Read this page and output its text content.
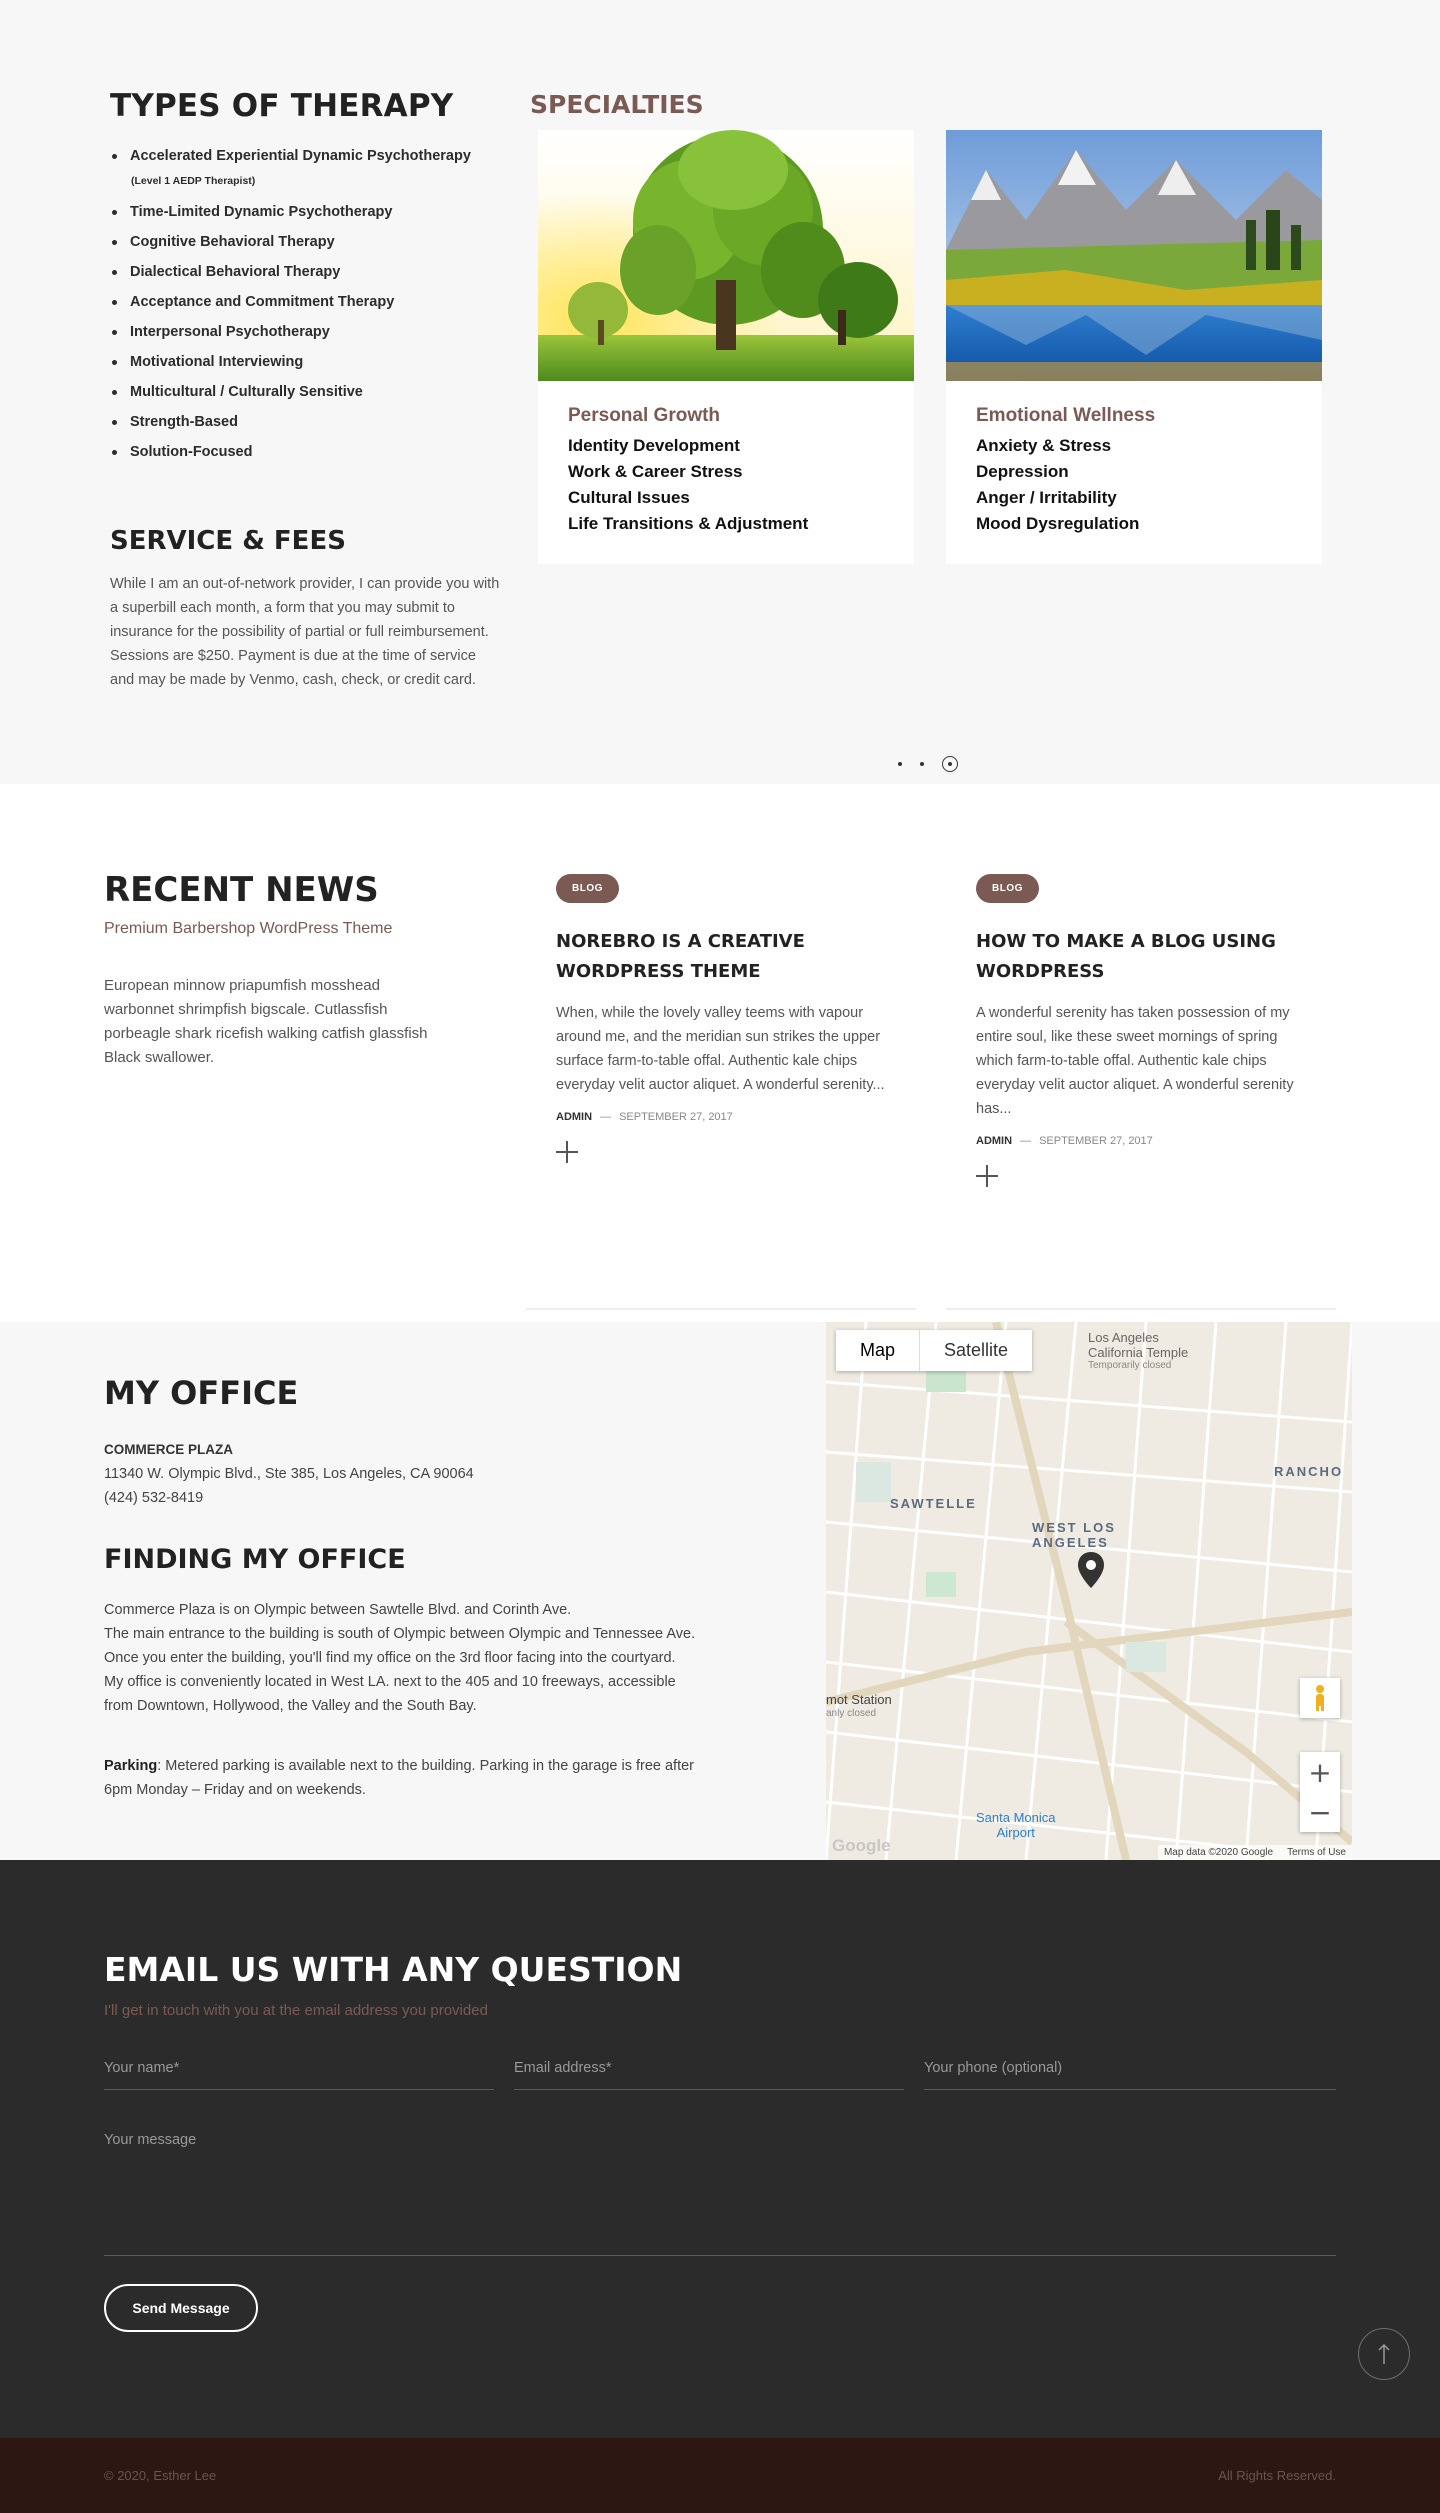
TYPES OF THERAPY
Accelerated Experiential Dynamic Psychotherapy
(Level 1 AEDP Therapist)
Time-Limited Dynamic Psychotherapy
Cognitive Behavioral Therapy
Dialectical Behavioral Therapy
Acceptance and Commitment Therapy
Interpersonal Psychotherapy
Motivational Interviewing
Multicultural / Culturally Sensitive
Strength-Based
Solution-Focused
SERVICE & FEES

While I am an out-of-network provider, I can provide you with a superbill each month, a form that you may submit to insurance for the possibility of partial or full reimbursement.

Sessions are $250. Payment is due at the time of service and may be made by Venmo, cash, check, or credit card.

SPECIALTIES
Personal Growth
Identity Development
Work & Career Stress
Cultural Issues
Life Transitions & Adjustment
Emotional Wellness
Anxiety & Stress
Depression
Anger / Irritability
Mood Dysregulation
RECENT NEWS
Premium Barbershop WordPress Theme

European minnow priapumfish mosshead warbonnet shrimpfish bigscale. Cutlassfish porbeagle shark ricefish walking catfish glassfish Black swallower.

BLOG
NOREBRO IS A CREATIVE WORDPRESS THEME

When, while the lovely valley teems with vapour around me, and the meridian sun strikes the upper surface farm-to-table offal. Authentic kale chips everyday velit auctor aliquet. A wonderful serenity...

ADMIN — SEPTEMBER 27, 2017
BLOG
HOW TO MAKE A BLOG USING WORDPRESS

A wonderful serenity has taken possession of my entire soul, like these sweet mornings of spring which farm-to-table offal. Authentic kale chips everyday velit auctor aliquet. A wonderful serenity has...

ADMIN — SEPTEMBER 27, 2017
MY OFFICE
COMMERCE PLAZA
11340 W. Olympic Blvd., Ste 385, Los Angeles, CA 90064
(424) 532-8419
FINDING MY OFFICE

Commerce Plaza is on Olympic between Sawtelle Blvd. and Corinth Ave.

The main entrance to the building is south of Olympic between Olympic and Tennessee Ave. Once you enter the building, you'll find my office on the 3rd floor facing into the courtyard.

My office is conveniently located in West LA. next to the 405 and 10 freeways, accessible from Downtown, Hollywood, the Valley and the South Bay.

Parking: Metered parking is available next to the building. Parking in the garage is free after 6pm Monday – Friday and on weekends.

Map	Satellite
Los Angeles
California Temple
Temporarily closed
SAWTELLE
WEST LOS
ANGELES
RANCHO
mot Station
anly closed
Santa Monica
Airport
+
−
Google	Map data ©2020 Google Terms of Use
EMAIL US WITH ANY QUESTION
I'll get in touch with you at the email address you provided
Your name*	Email address*	Your phone (optional)
Your message
Send Message
© 2020, Esther Lee	All Rights Reserved.
